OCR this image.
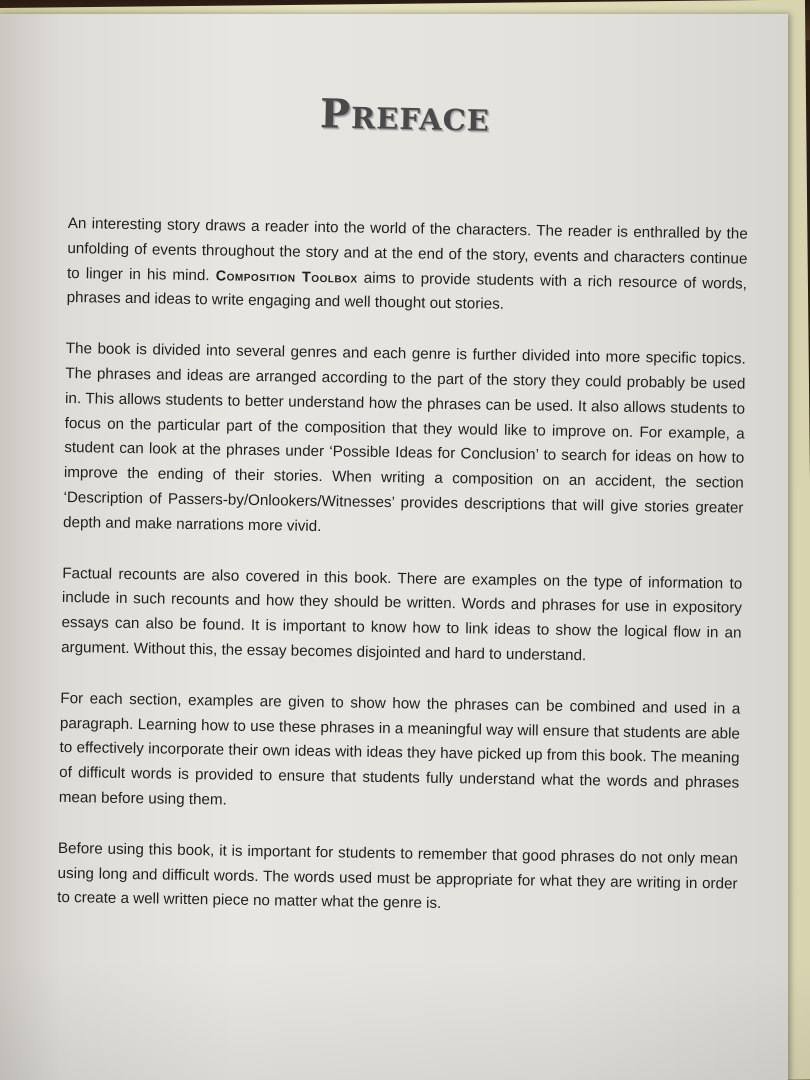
PREFACE

An interesting story draws a reader into the world of the characters. The reader is enthralled by the unfolding of events throughout the story and at the end of the story, events and characters continue to linger in his mind. Composition Toolbox aims to provide students with a rich resource of words, phrases and ideas to write engaging and well thought out stories.

The book is divided into several genres and each genre is further divided into more specific topics. The phrases and ideas are arranged according to the part of the story they could probably be used in. This allows students to better understand how the phrases can be used. It also allows students to focus on the particular part of the composition that they would like to improve on. For example, a student can look at the phrases under ‘Possible Ideas for Conclusion’ to search for ideas on how to improve the ending of their stories. When writing a composition on an accident, the section ‘Description of Passers-by/Onlookers/Witnesses’ provides descriptions that will give stories greater depth and make narrations more vivid.

Factual recounts are also covered in this book. There are examples on the type of information to include in such recounts and how they should be written. Words and phrases for use in expository essays can also be found. It is important to know how to link ideas to show the logical flow in an argument. Without this, the essay becomes disjointed and hard to understand.

For each section, examples are given to show how the phrases can be combined and used in a paragraph. Learning how to use these phrases in a meaningful way will ensure that students are able to effectively incorporate their own ideas with ideas they have picked up from this book. The meaning of difficult words is provided to ensure that students fully understand what the words and phrases mean before using them.

Before using this book, it is important for students to remember that good phrases do not only mean using long and difficult words. The words used must be appropriate for what they are writing in order to create a well written piece no matter what the genre is.
